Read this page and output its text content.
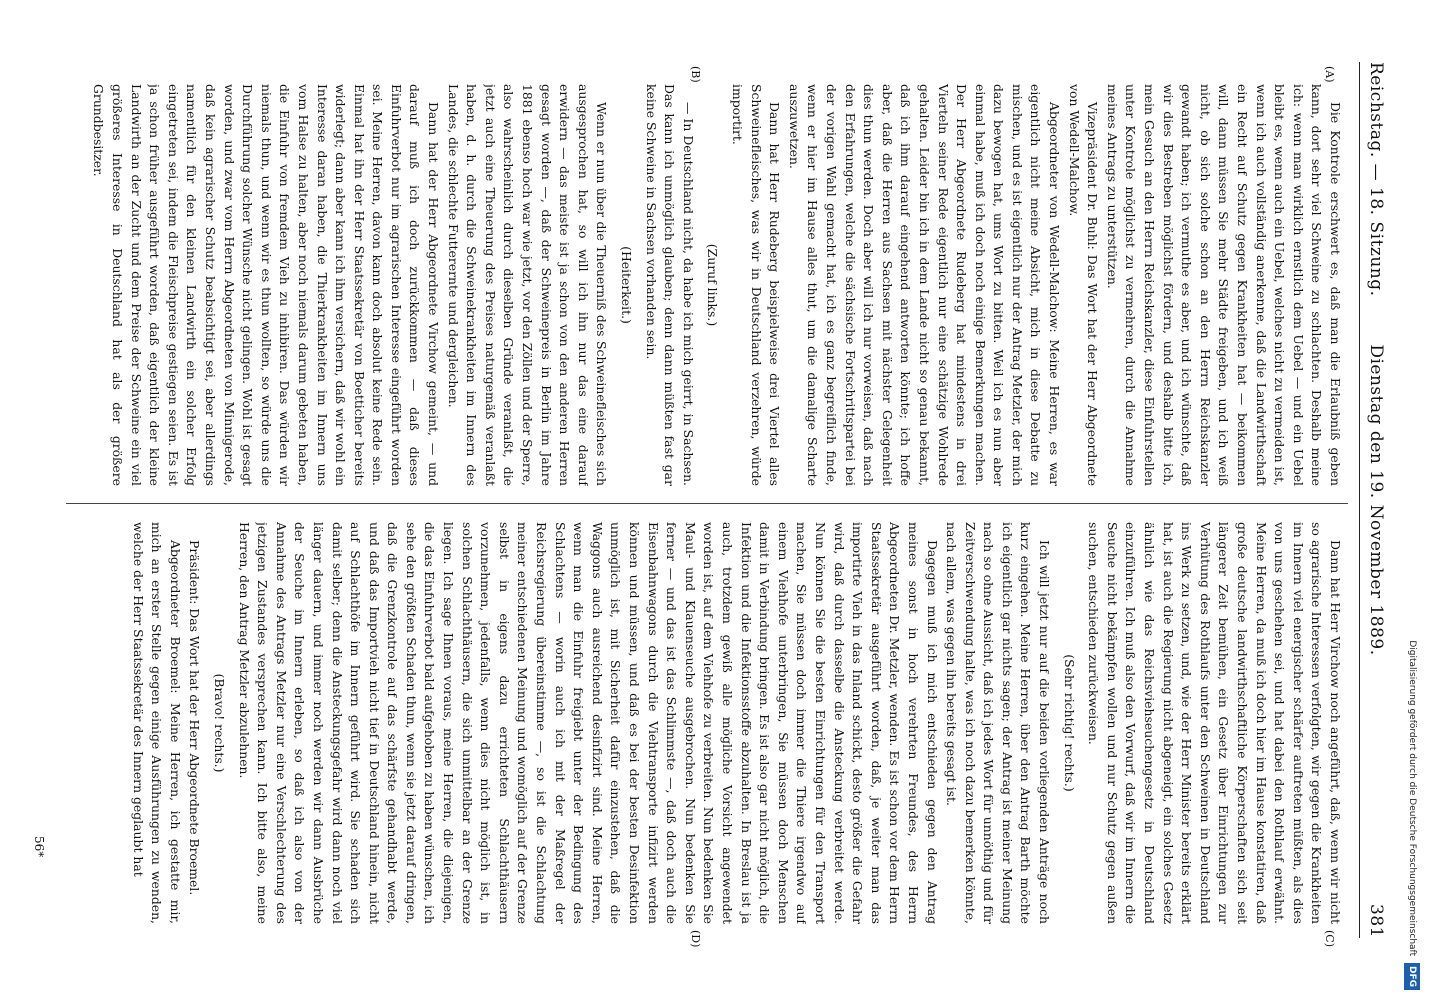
Reichstag. — 18. Sitzung.
Dienstag den 19. November 1889.
381
(A)
(B)
(C)
(D)

Die Kontrole erschwert es, daß man die Erlaubniß geben kann, dort sehr viel Schweine zu schlachten. Deshalb meine ich: wenn man wirklich ernstlich dem Uebel — und ein Uebel bleibt es, wenn auch ein Uebel, welches nicht zu vermeiden ist, wenn ich auch vollständig anerkenne, daß die Landwirthschaft ein Recht auf Schutz gegen Krankheiten hat — beikommen will, dann müssen Sie mehr Städte freigeben, und ich weiß nicht, ob sich solche schon an den Herrn Reichskanzler gewandt haben; ich vermuthe es aber, und ich wünschte, daß wir dies Bestreben möglichst fördern, und deshalb bitte ich, mein Gesuch an den Herrn Reichskanzler, diese Einfuhrstellen unter Kontrole möglichst zu vermehren, durch die Annahme meines Antrags zu unterstützen.

Vizepräsident Dr. Buhl: Das Wort hat der Herr Abgeordnete von Wedell-Malchow.

Abgeordneter von Wedell-Malchow: Meine Herren, es war eigentlich nicht meine Absicht, mich in diese Debatte zu mischen, und es ist eigentlich nur der Antrag Metzler, der mich dazu bewogen hat, ums Wort zu bitten. Weil ich es nun aber einmal habe, muß ich doch noch einige Bemerkungen machen. Der Herr Abgeordnete Rudeberg hat mindestens in drei Vierteln seiner Rede eigentlich nur eine schätzige Wohlrede gehalten. Leider bin ich in dem Lande nicht so genau bekannt, daß ich ihm darauf eingehend antworten könnte; ich hoffe aber, daß die Herren aus Sachsen mit nächster Gelegenheit dies thun werden. Doch aber will ich nur vorweisen, daß nach den Erfahrungen, welche die sächsische Fortschrittspartei bei der vorigen Wahl gemacht hat, ich es ganz begreiflich finde, wenn er hier im Hause alles thut, um die damalige Scharte auszuwetzen.

Dann hat Herr Rudeberg beispielweise drei Viertel alles Schweinefleisches, was wir in Deutschland verzehren, würde importirt.

(Zuruf links.)

— In Deutschland nicht, da habe ich mich geirrt, in Sachsen. Das kann ich unmöglich glauben; denn dann müßten fast gar keine Schweine in Sachsen vorhanden sein.

(Heiterkeit.)

Wenn er nun über die Theuerniß des Schweinefleisches sich ausgesprochen hat, so will ich ihn nur das eine darauf erwidern — das meiste ist ja schon von den anderen Herren gesagt worden —, daß der Schweinepreis in Berlin im Jahre 1881 ebenso hoch war wie jetzt, vor den Zöllen und der Sperre, also wahrscheinlich durch dieselben Gründe veranlaßt, die jetzt auch eine Theuerung des Preises naturgemäß veranlaßt haben, d. h. durch die Schweinekrankheiten im Innern des Landes, die schlechte Futterernte und dergleichen.

Dann hat der Herr Abgeordnete Virchow gemeint, — und darauf muß ich doch zurückkommen — daß dieses Einfuhrverbot nur im agrarischen Interesse eingeführt worden sei. Meine Herren, davon kann doch absolut keine Rede sein. Einmal hat ihn der Herr Staatssekretär von Boetticher bereits widerlegt; dann aber kann ich ihm versichern, daß wir wohl ein Interesse daran haben, die Thierkrankheiten im Innern uns vom Halse zu halten, aber noch niemals darum gebeten haben, die Einfuhr von fremdem Vieh zu inhibiren. Das würden wir niemals thun, und wenn wir es thun wollten, so würde uns die Durchführung solcher Wünsche nicht gelingen. Wohl ist gesagt worden, und zwar vom Herrn Abgeordneten von Minnigerode, daß kein agrarischer Schutz beabsichtigt sei, aber allerdings namentlich für den kleinen Landwirth ein solcher Erfolg eingetreten sei, indem die Fleischpreise gestiegen seien. Es ist ja schon früher ausgeführt worden, daß eigentlich der kleine Landwirth an der Zucht und dem Preise der Schweine ein viel größeres Interesse in Deutschland hat als der größere Grundbesitzer.

Dann hat Herr Virchow noch angeführt, daß, wenn wir nicht so agrarische Interessen verfolgten, wir gegen die Krankheiten im Innern viel energischer schärfer auftreten müßten, als dies von uns geschehen sei, und hat dabei den Rothlauf erwähnt. Meine Herren, da muß ich doch hier im Hause konstatiren, daß große deutsche landwirthschaftliche Körperschaften sich seit längerer Zeit bemühen, ein Gesetz über Einrichtungen zur Verhütung des Rothlaufs unter den Schweinen in Deutschland ins Werk zu setzen, und, wie der Herr Minister bereits erklärt hat, ist auch die Regierung nicht abgeneigt, ein solches Gesetz ähnlich wie das Reichsviehseuchengesetz in Deutschland einzuführen. Ich muß also den Vorwurf, daß wir im Innern die Seuche nicht bekämpfen wollen und nur Schutz gegen außen suchen, entschieden zurückweisen.

(Sehr richtig! rechts.)

Ich will jetzt nur auf die beiden vorliegenden Anträge noch kurz eingehen. Meine Herren, über den Antrag Barth möchte ich eigentlich gar nichts sagen; der Antrag ist meiner Meinung nach so ohne Aussicht, daß ich jedes Wort für unnöthig und für Zeitverschwendung halte, was ich noch dazu bemerken könnte, nach allem, was gegen ihn bereits gesagt ist.

Dagegen muß ich mich entschieden gegen den Antrag meines sonst in hoch verehrten Freundes, des Herrn Abgeordneten Dr. Metzler, wenden. Es ist schon vor dem Herrn Staatssekretär ausgeführt worden, daß, je weiter man das importirte Vieh in das Inland schickt, desto größer die Gefahr wird, daß durch dasselbe die Ansteckung verbreitet werde. Nun können Sie die besten Einrichtungen für den Transport machen, Sie müssen doch immer die Thiere irgendwo auf einem Viehhofe unterbringen, Sie müssen doch Menschen damit in Verbindung bringen. Es ist also gar nicht möglich, die Infektion und die Infektionsstoffe abzuhalten. In Breslau ist ja auch, trotzdem gewiß alle mögliche Vorsicht angewendet worden ist, auf dem Viehhofe zu verbreiten. Nun bedenken Sie Maul- und Klauenseuche ausgebrochen. Nun bedenken Sie ferner — und das ist das Schlimmste —, daß doch auch die Eisenbahnwagons durch die Viehtransporte infizirt werden können und müssen, und daß es bei der besten Desinfektion unmöglich ist, mit Sicherheit dafür einzustehen, daß die Waggons auch ausreichend desinfizirt sind. Meine Herren, wenn man die Einfuhr freigiebt unter der Bedingung des Schlachtens — worin auch ich mit der Maßregel der Reichsregierung übereinstimme —, so ist die Schlachtung meiner entschiedenen Meinung und womöglich auf der Grenze selbst in eigens dazu errichteten Schlachthäusern vorzunehmen, jedenfalls, wenn dies nicht möglich ist, in solchen Schlachthäusern, die sich unmittelbar an der Grenze liegen. Ich sage Ihnen voraus, meine Herren, die diejenigen, die das Einfuhrverbot bald aufgehoben zu haben wünschen, ich sehe den größten Schaden thun, wenn sie jetzt darauf dringen, daß die Grenzkontrole auf das schärfste gehandhabt werde, und daß das Importvieh nicht tief in Deutschland hinein, nicht auf Schlachthöfe im Innern geführt wird. Sie schaden sich damit selber; denn die Ansteckungsgefahr wird dann noch viel länger dauern, und immer noch werden wir dann Ausbrüche der Seuche im Innern erleben, so daß ich also von der Annahme des Antrags Metzler nur eine Verschlechterung des jetzigen Zustandes versprechen kann. Ich bitte also, meine Herren, den Antrag Metzler abzulehnen.

(Bravo! rechts.)

Präsident: Das Wort hat der Herr Abgeordnete Broemel.

Abgeordneter Broemel: Meine Herren, ich gestatte mir, mich an erster Stelle gegen einige Ausführungen zu wenden, welche der Herr Staatssekretär des Innern geglaubt hat

56*	Digitalisierung gefördert durch die Deutsche Forschungsgemeinschaft DFG
